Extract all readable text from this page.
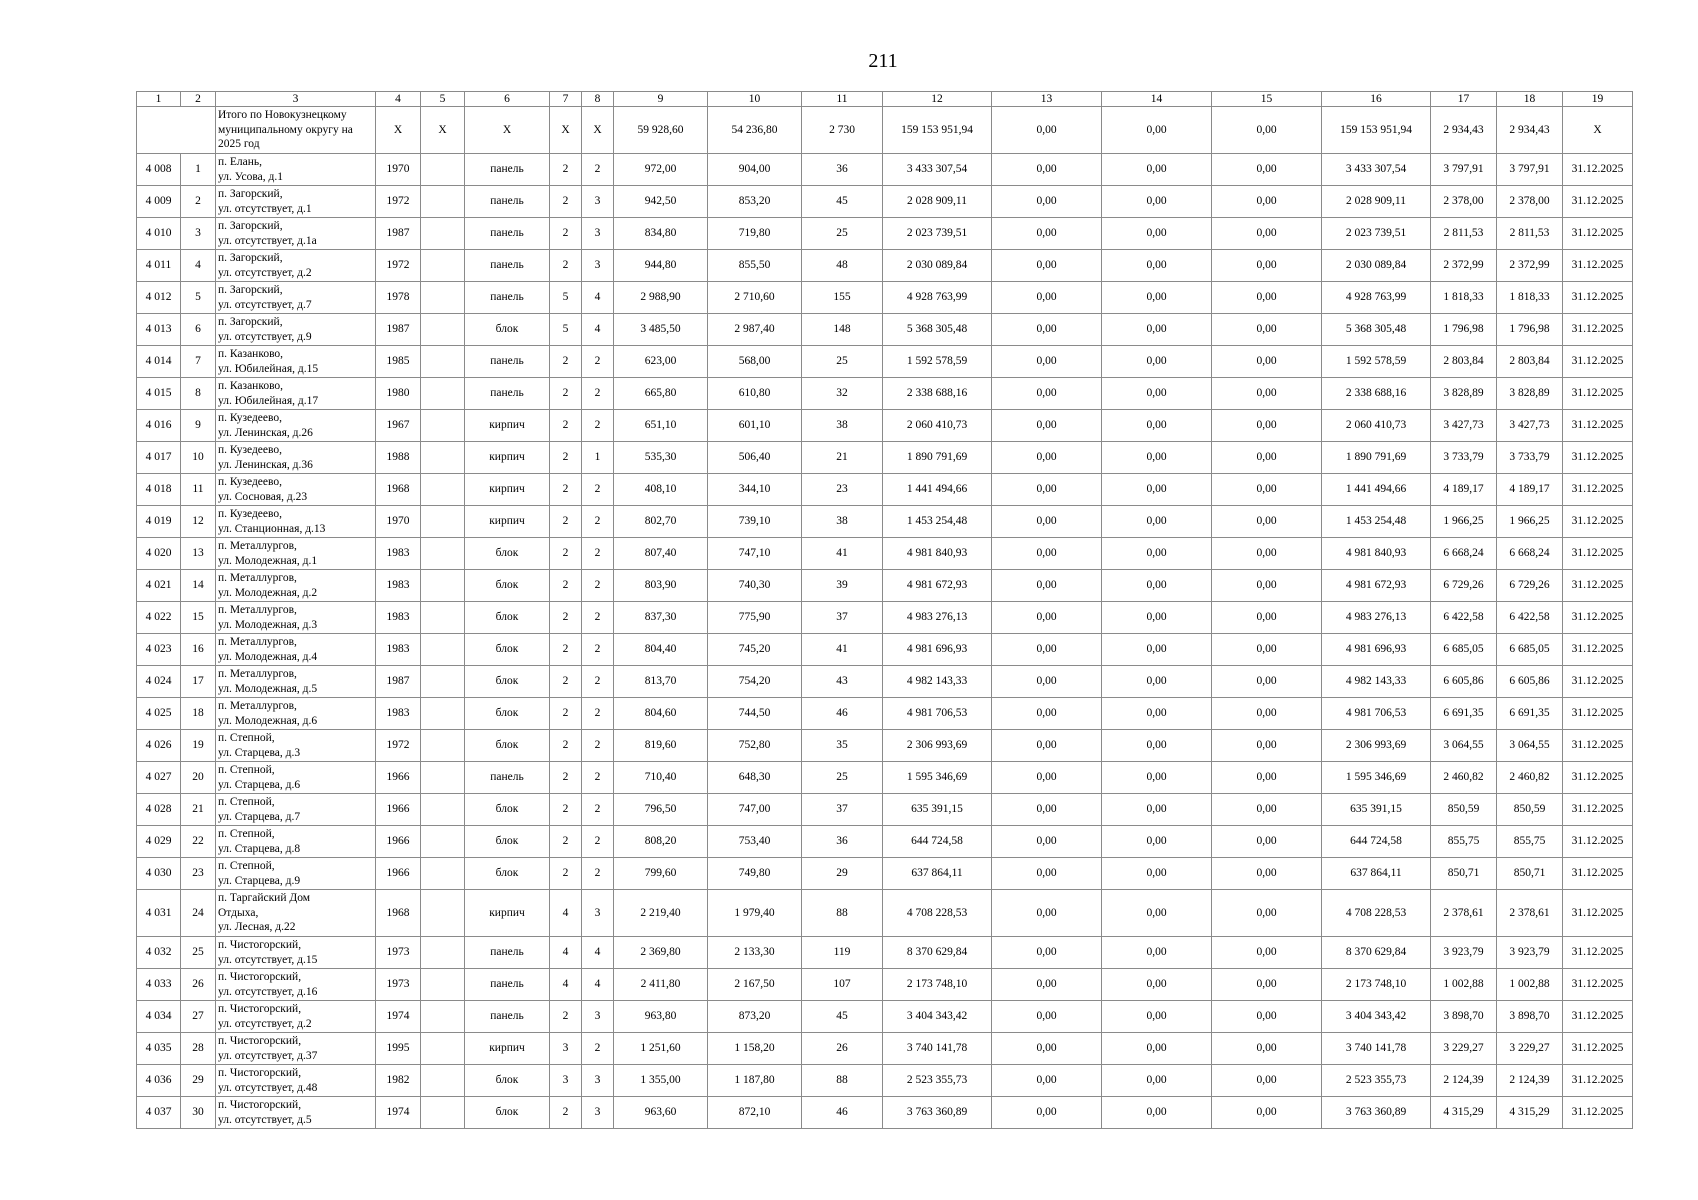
211
1	2	3	4	5	6	7	8	9	10	11	12	13	14	15	16	17	18	19
		Итого по Новокузнецкому муниципальному округу на 2025 год	X	X	X	X	X	59 928,60	54 236,80	2 730	159 153 951,94	0,00	0,00	0,00	159 153 951,94	2 934,43	2 934,43	X
4 008	1	п. Елань,
ул. Усова, д.1	1970		панель	2	2	972,00	904,00	36	3 433 307,54	0,00	0,00	0,00	3 433 307,54	3 797,91	3 797,91	31.12.2025
4 009	2	п. Загорский,
ул. отсутствует, д.1	1972		панель	2	3	942,50	853,20	45	2 028 909,11	0,00	0,00	0,00	2 028 909,11	2 378,00	2 378,00	31.12.2025
4 010	3	п. Загорский,
ул. отсутствует, д.1а	1987		панель	2	3	834,80	719,80	25	2 023 739,51	0,00	0,00	0,00	2 023 739,51	2 811,53	2 811,53	31.12.2025
4 011	4	п. Загорский,
ул. отсутствует, д.2	1972		панель	2	3	944,80	855,50	48	2 030 089,84	0,00	0,00	0,00	2 030 089,84	2 372,99	2 372,99	31.12.2025
4 012	5	п. Загорский,
ул. отсутствует, д.7	1978		панель	5	4	2 988,90	2 710,60	155	4 928 763,99	0,00	0,00	0,00	4 928 763,99	1 818,33	1 818,33	31.12.2025
4 013	6	п. Загорский,
ул. отсутствует, д.9	1987		блок	5	4	3 485,50	2 987,40	148	5 368 305,48	0,00	0,00	0,00	5 368 305,48	1 796,98	1 796,98	31.12.2025
4 014	7	п. Казанково,
ул. Юбилейная, д.15	1985		панель	2	2	623,00	568,00	25	1 592 578,59	0,00	0,00	0,00	1 592 578,59	2 803,84	2 803,84	31.12.2025
4 015	8	п. Казанково,
ул. Юбилейная, д.17	1980		панель	2	2	665,80	610,80	32	2 338 688,16	0,00	0,00	0,00	2 338 688,16	3 828,89	3 828,89	31.12.2025
4 016	9	п. Кузедеево,
ул. Ленинская, д.26	1967		кирпич	2	2	651,10	601,10	38	2 060 410,73	0,00	0,00	0,00	2 060 410,73	3 427,73	3 427,73	31.12.2025
4 017	10	п. Кузедеево,
ул. Ленинская, д.36	1988		кирпич	2	1	535,30	506,40	21	1 890 791,69	0,00	0,00	0,00	1 890 791,69	3 733,79	3 733,79	31.12.2025
4 018	11	п. Кузедеево,
ул. Сосновая, д.23	1968		кирпич	2	2	408,10	344,10	23	1 441 494,66	0,00	0,00	0,00	1 441 494,66	4 189,17	4 189,17	31.12.2025
4 019	12	п. Кузедеево,
ул. Станционная, д.13	1970		кирпич	2	2	802,70	739,10	38	1 453 254,48	0,00	0,00	0,00	1 453 254,48	1 966,25	1 966,25	31.12.2025
4 020	13	п. Металлургов,
ул. Молодежная, д.1	1983		блок	2	2	807,40	747,10	41	4 981 840,93	0,00	0,00	0,00	4 981 840,93	6 668,24	6 668,24	31.12.2025
4 021	14	п. Металлургов,
ул. Молодежная, д.2	1983		блок	2	2	803,90	740,30	39	4 981 672,93	0,00	0,00	0,00	4 981 672,93	6 729,26	6 729,26	31.12.2025
4 022	15	п. Металлургов,
ул. Молодежная, д.3	1983		блок	2	2	837,30	775,90	37	4 983 276,13	0,00	0,00	0,00	4 983 276,13	6 422,58	6 422,58	31.12.2025
4 023	16	п. Металлургов,
ул. Молодежная, д.4	1983		блок	2	2	804,40	745,20	41	4 981 696,93	0,00	0,00	0,00	4 981 696,93	6 685,05	6 685,05	31.12.2025
4 024	17	п. Металлургов,
ул. Молодежная, д.5	1987		блок	2	2	813,70	754,20	43	4 982 143,33	0,00	0,00	0,00	4 982 143,33	6 605,86	6 605,86	31.12.2025
4 025	18	п. Металлургов,
ул. Молодежная, д.6	1983		блок	2	2	804,60	744,50	46	4 981 706,53	0,00	0,00	0,00	4 981 706,53	6 691,35	6 691,35	31.12.2025
4 026	19	п. Степной,
ул. Старцева, д.3	1972		блок	2	2	819,60	752,80	35	2 306 993,69	0,00	0,00	0,00	2 306 993,69	3 064,55	3 064,55	31.12.2025
4 027	20	п. Степной,
ул. Старцева, д.6	1966		панель	2	2	710,40	648,30	25	1 595 346,69	0,00	0,00	0,00	1 595 346,69	2 460,82	2 460,82	31.12.2025
4 028	21	п. Степной,
ул. Старцева, д.7	1966		блок	2	2	796,50	747,00	37	635 391,15	0,00	0,00	0,00	635 391,15	850,59	850,59	31.12.2025
4 029	22	п. Степной,
ул. Старцева, д.8	1966		блок	2	2	808,20	753,40	36	644 724,58	0,00	0,00	0,00	644 724,58	855,75	855,75	31.12.2025
4 030	23	п. Степной,
ул. Старцева, д.9	1966		блок	2	2	799,60	749,80	29	637 864,11	0,00	0,00	0,00	637 864,11	850,71	850,71	31.12.2025
4 031	24	п. Таргайский Дом
Отдыха,
ул. Лесная, д.22	1968		кирпич	4	3	2 219,40	1 979,40	88	4 708 228,53	0,00	0,00	0,00	4 708 228,53	2 378,61	2 378,61	31.12.2025
4 032	25	п. Чистогорский,
ул. отсутствует, д.15	1973		панель	4	4	2 369,80	2 133,30	119	8 370 629,84	0,00	0,00	0,00	8 370 629,84	3 923,79	3 923,79	31.12.2025
4 033	26	п. Чистогорский,
ул. отсутствует, д.16	1973		панель	4	4	2 411,80	2 167,50	107	2 173 748,10	0,00	0,00	0,00	2 173 748,10	1 002,88	1 002,88	31.12.2025
4 034	27	п. Чистогорский,
ул. отсутствует, д.2	1974		панель	2	3	963,80	873,20	45	3 404 343,42	0,00	0,00	0,00	3 404 343,42	3 898,70	3 898,70	31.12.2025
4 035	28	п. Чистогорский,
ул. отсутствует, д.37	1995		кирпич	3	2	1 251,60	1 158,20	26	3 740 141,78	0,00	0,00	0,00	3 740 141,78	3 229,27	3 229,27	31.12.2025
4 036	29	п. Чистогорский,
ул. отсутствует, д.48	1982		блок	3	3	1 355,00	1 187,80	88	2 523 355,73	0,00	0,00	0,00	2 523 355,73	2 124,39	2 124,39	31.12.2025
4 037	30	п. Чистогорский,
ул. отсутствует, д.5	1974		блок	2	3	963,60	872,10	46	3 763 360,89	0,00	0,00	0,00	3 763 360,89	4 315,29	4 315,29	31.12.2025
